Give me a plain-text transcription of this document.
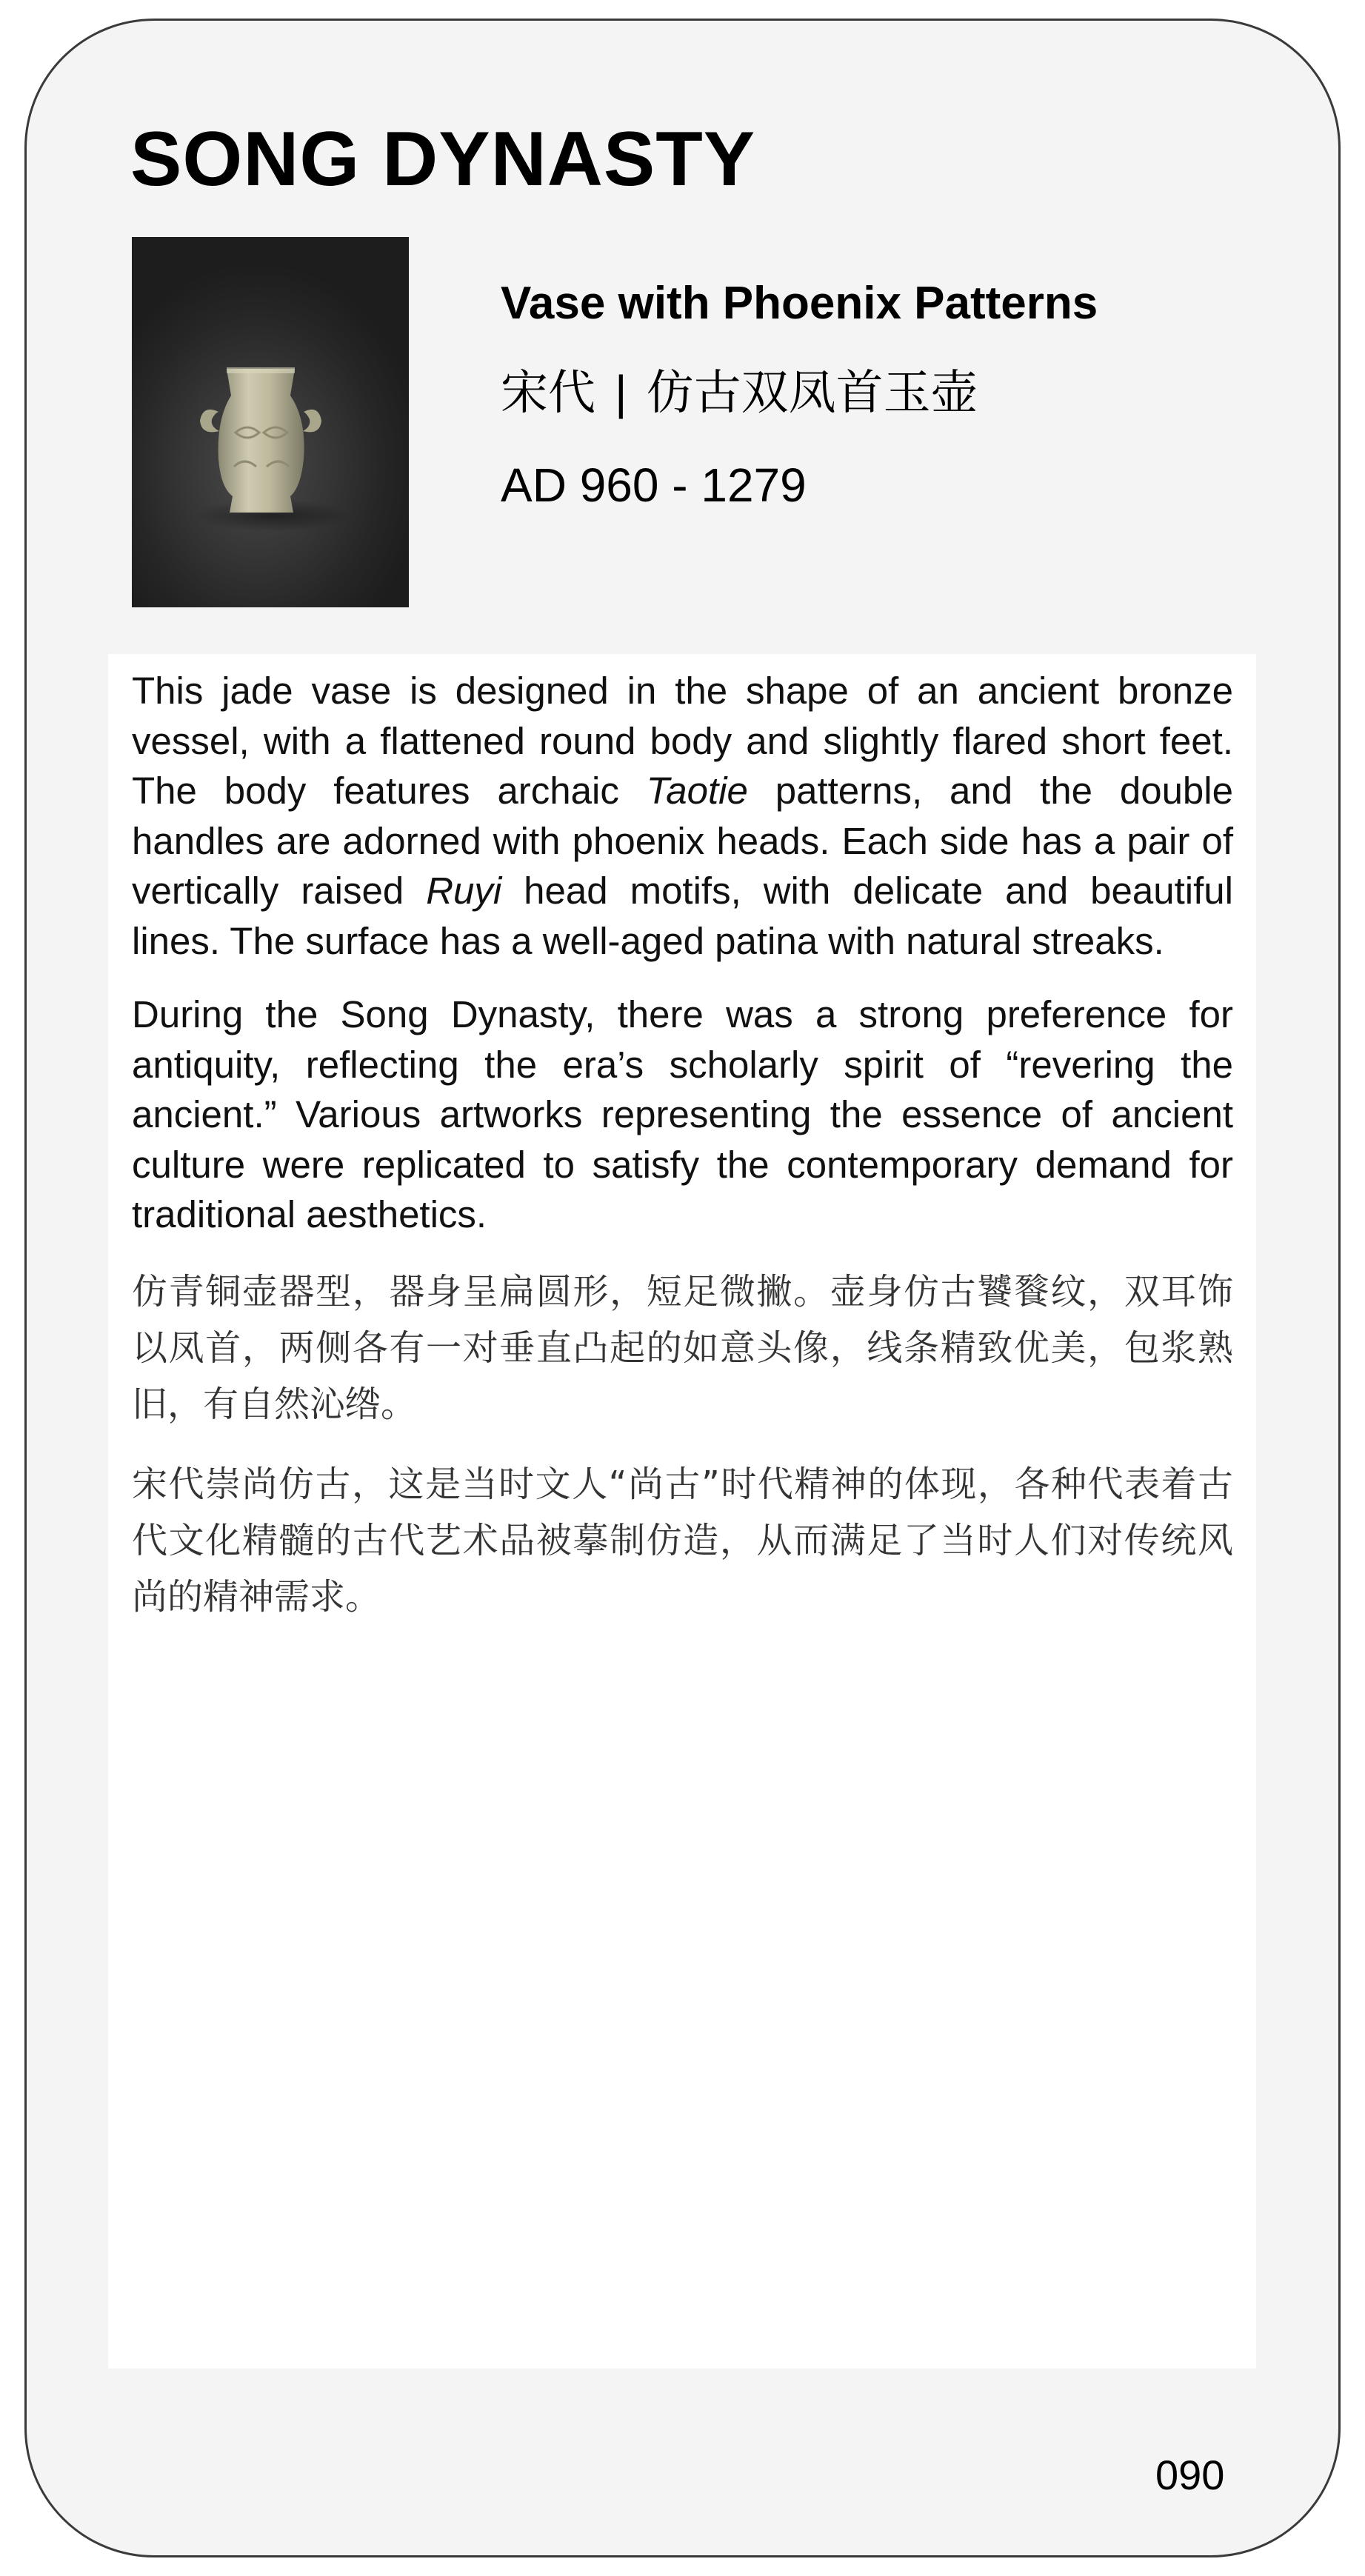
SONG DYNASTY
Vase with Phoenix Patterns
宋代 | 仿古双凤首玉壶
AD 960 - 1279

This jade vase is designed in the shape of an ancient bronze vessel, with a flattened round body and slightly flared short feet. The body features archaic Taotie patterns, and the double handles are adorned with phoenix heads. Each side has a pair of vertically raised Ruyi head motifs, with delicate and beautiful lines. The surface has a well-aged patina with natural streaks.

During the Song Dynasty, there was a strong preference for antiquity, reflecting the era’s scholarly spirit of “revering the ancient.” Various artworks representing the essence of ancient culture were replicated to satisfy the contemporary demand for traditional aesthetics.

仿青铜壶器型，器身呈扁圆形，短足微撇。壶身仿古饕餮纹，双耳饰以凤首，两侧各有一对垂直凸起的如意头像，线条精致优美，包浆熟旧，有自然沁绺。

宋代崇尚仿古，这是当时文人“尚古”时代精神的体现，各种代表着古代文化精髓的古代艺术品被摹制仿造，从而满足了当时人们对传统风尚的精神需求。

090
